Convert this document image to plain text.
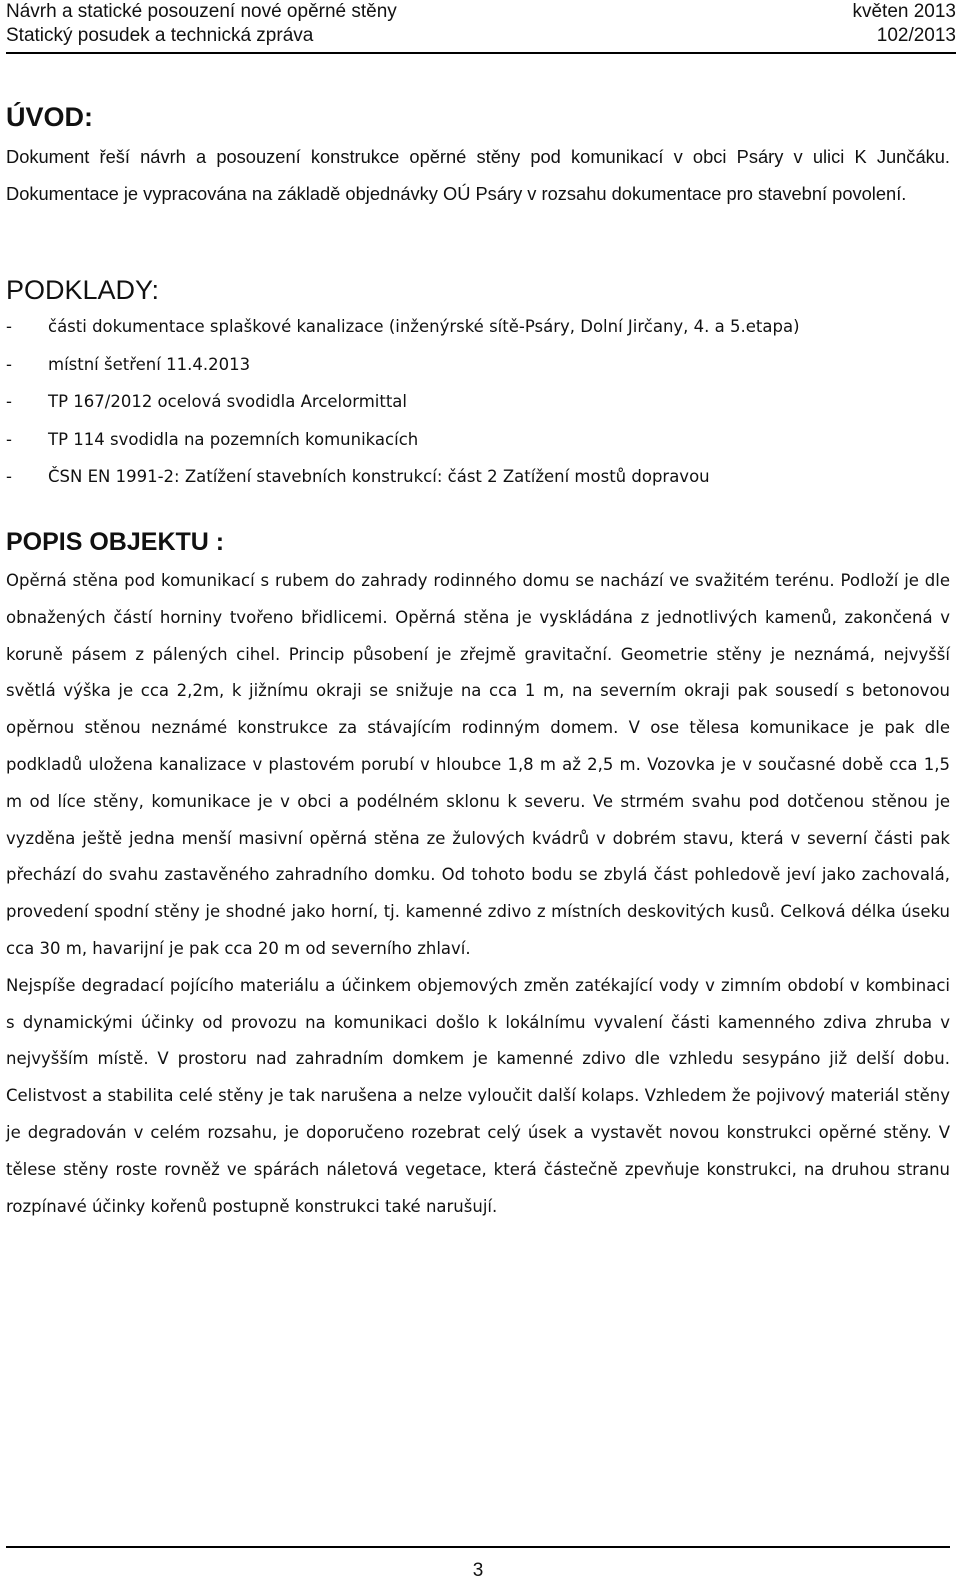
Návrh a statické posouzení nové opěrné stěny	květen 2013
Statický posudek a technická zpráva	102/2013
ÚVOD:

Dokument řeší návrh a posouzení konstrukce opěrné stěny pod komunikací v obci Psáry v ulici K Junčáku. Dokumentace je vypracována na základě objednávky OÚ Psáry v rozsahu dokumentace pro stavební povolení.

PODKLADY:
-	části dokumentace splaškové kanalizace (inženýrské sítě-Psáry, Dolní Jirčany, 4. a 5.etapa)
-	místní šetření 11.4.2013
-	TP 167/2012 ocelová svodidla Arcelormittal
-	TP 114 svodidla na pozemních komunikacích
-	ČSN EN 1991-2: Zatížení stavebních konstrukcí: část 2 Zatížení mostů dopravou
POPIS OBJEKTU :

Opěrná stěna pod komunikací s rubem do zahrady rodinného domu se nachází ve svažitém terénu. Podloží je dle obnažených částí horniny tvořeno břidlicemi. Opěrná stěna je vyskládána z jednotlivých kamenů, zakončená v koruně pásem z pálených cihel. Princip působení je zřejmě gravitační. Geometrie stěny je neznámá, nejvyšší světlá výška je cca 2,2m, k jižnímu okraji se snižuje na cca 1 m, na severním okraji pak sousedí s betonovou opěrnou stěnou neznámé konstrukce za stávajícím rodinným domem. V ose tělesa komunikace je pak dle podkladů uložena kanalizace v plastovém porubí v hloubce 1,8 m až 2,5 m. Vozovka je v současné době cca 1,5 m od líce stěny, komunikace je v obci a podélném sklonu k severu. Ve strmém svahu pod dotčenou stěnou je vyzděna ještě jedna menší masivní opěrná stěna ze žulových kvádrů v dobrém stavu, která v severní části pak přechází do svahu zastavěného zahradního domku. Od tohoto bodu se zbylá část pohledově jeví jako zachovalá, provedení spodní stěny je shodné jako horní, tj. kamenné zdivo z místních deskovitých kusů. Celková délka úseku cca 30 m, havarijní je pak cca 20 m od severního zhlaví.
Nejspíše degradací pojícího materiálu a účinkem objemových změn zatékající vody v zimním období v kombinaci s dynamickými účinky od provozu na komunikaci došlo k lokálnímu vyvalení části kamenného zdiva zhruba v nejvyšším místě. V prostoru nad zahradním domkem je kamenné zdivo dle vzhledu sesypáno již delší dobu. Celistvost a stabilita celé stěny je tak narušena a nelze vyloučit další kolaps. Vzhledem že pojivový materiál stěny je degradován v celém rozsahu, je doporučeno rozebrat celý úsek a vystavět novou konstrukci opěrné stěny. V tělese stěny roste rovněž ve spárách náletová vegetace, která částečně zpevňuje konstrukci, na druhou stranu rozpínavé účinky kořenů postupně konstrukci také narušují.

3
